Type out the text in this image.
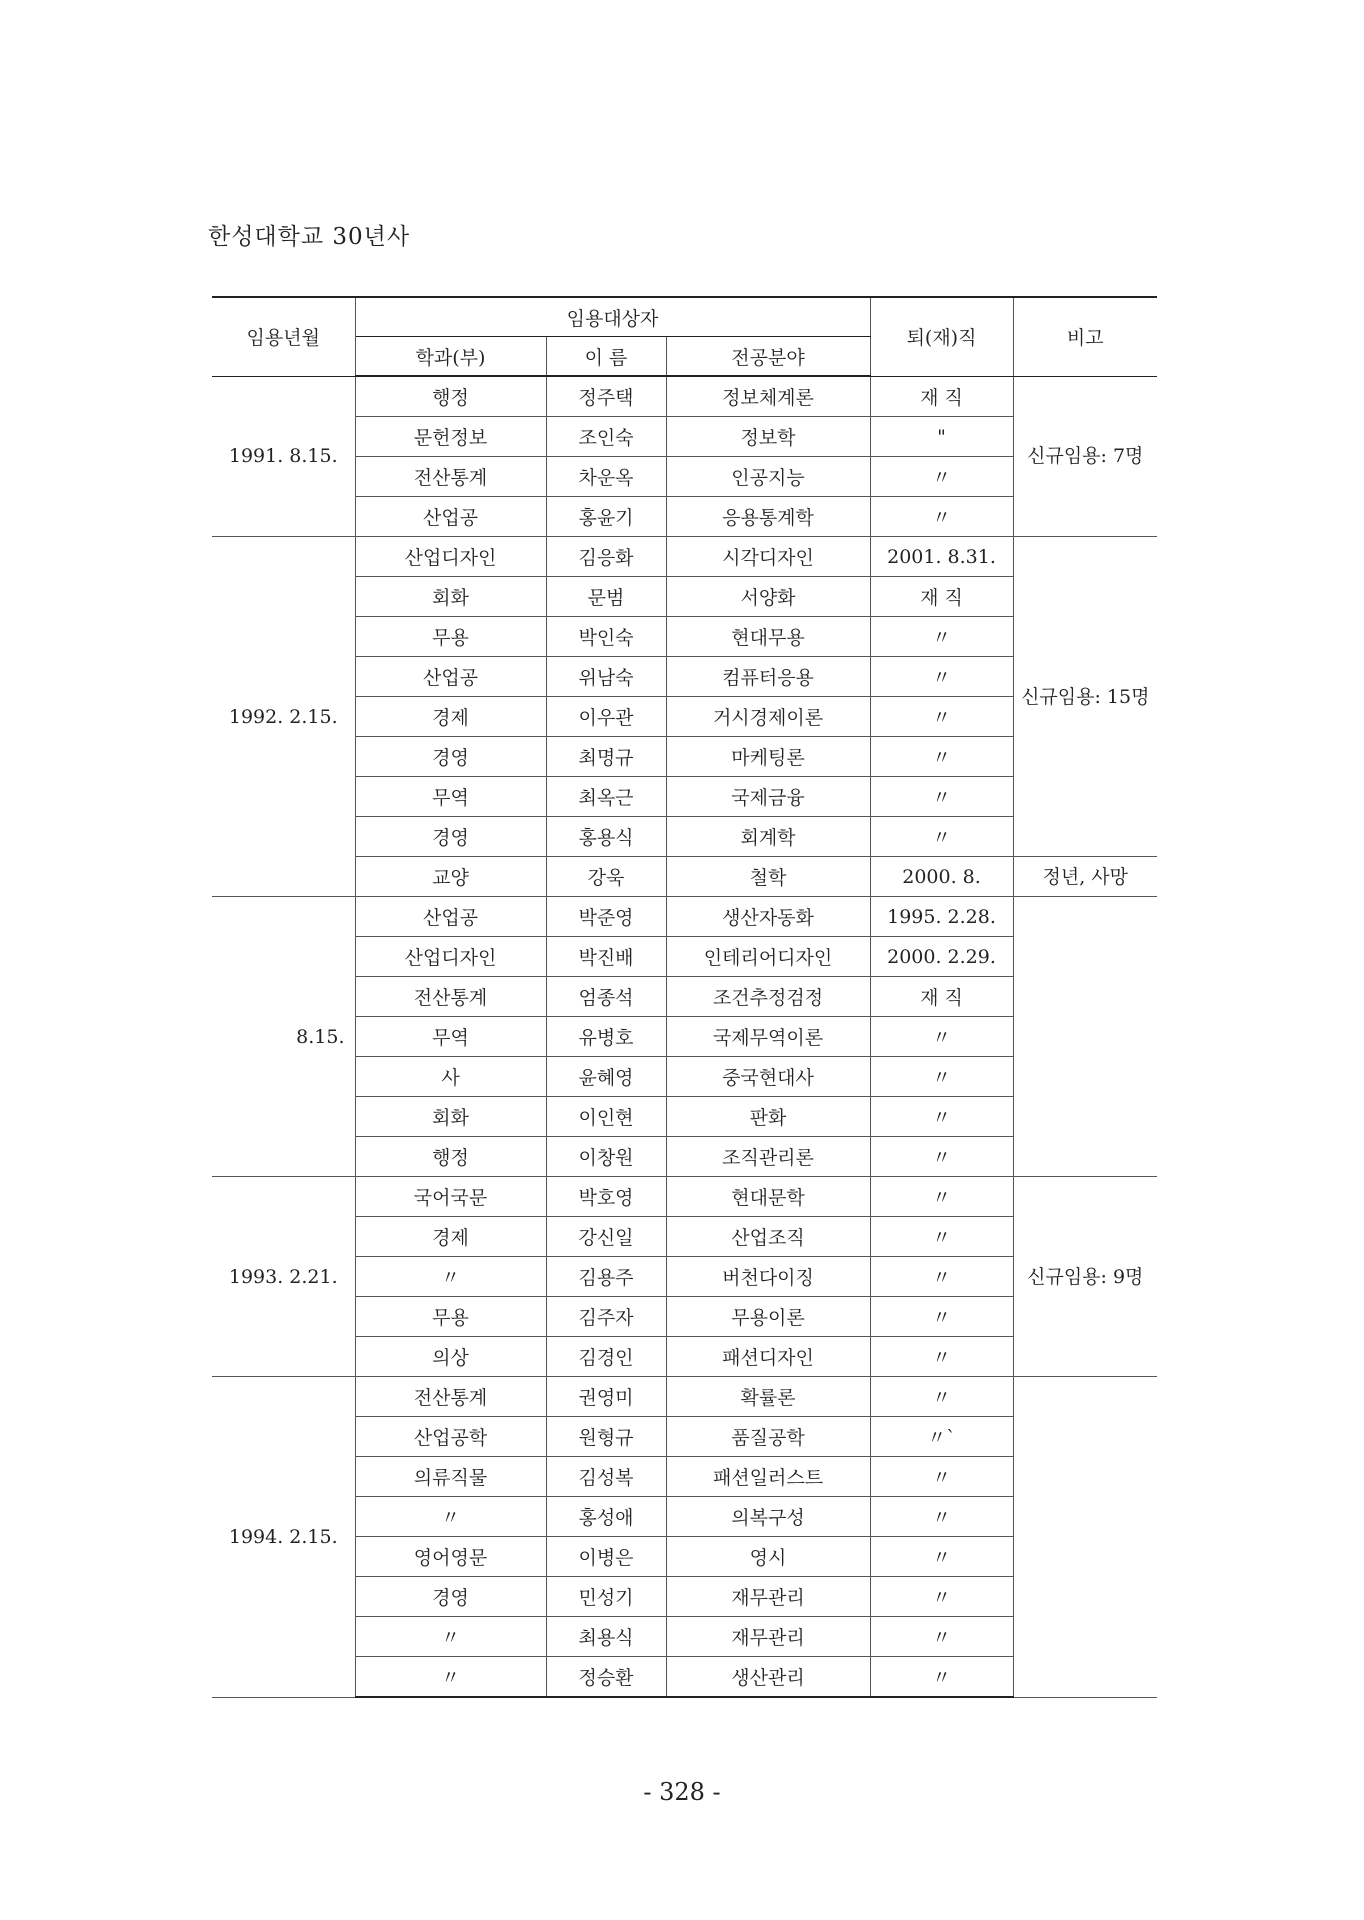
한성대학교 30년사
임용년월	임용대상자			퇴(재)직	비고
	학과(부)	이 름	전공분야		
1991. 8.15.	행정	정주택	정보체계론	재 직	신규임용: 7명
	문헌정보	조인숙	정보학	"	
	전산통계	차운옥	인공지능	〃	
	산업공	홍윤기	응용통계학	〃	
1992. 2.15.	산업디자인	김응화	시각디자인	2001. 8.31.	신규임용: 15명
	회화	문범	서양화	재 직	
	무용	박인숙	현대무용	〃	
	산업공	위남숙	컴퓨터응용	〃	
	경제	이우관	거시경제이론	〃	
	경영	최명규	마케팅론	〃	
	무역	최옥근	국제금융	〃	
	경영	홍용식	회계학	〃	
	교양	강욱	철학	2000. 8.	정년, 사망
8.15.	산업공	박준영	생산자동화	1995. 2.28.	
	산업디자인	박진배	인테리어디자인	2000. 2.29.	
	전산통계	엄종석	조건추정검정	재 직	
	무역	유병호	국제무역이론	〃	
	사	윤혜영	중국현대사	〃	
	회화	이인현	판화	〃	
	행정	이창원	조직관리론	〃	
1993. 2.21.	국어국문	박호영	현대문학	〃	신규임용: 9명
	경제	강신일	산업조직	〃	
	〃	김용주	버천다이징	〃	
	무용	김주자	무용이론	〃	
	의상	김경인	패션디자인	〃	
1994. 2.15.	전산통계	권영미	확률론	〃	
	산업공학	원형규	품질공학	〃`	
	의류직물	김성복	패션일러스트	〃	
	〃	홍성애	의복구성	〃	
	영어영문	이병은	영시	〃	
	경영	민성기	재무관리	〃	
	〃	최용식	재무관리	〃	
	〃	정승환	생산관리	〃	
- 328 -
